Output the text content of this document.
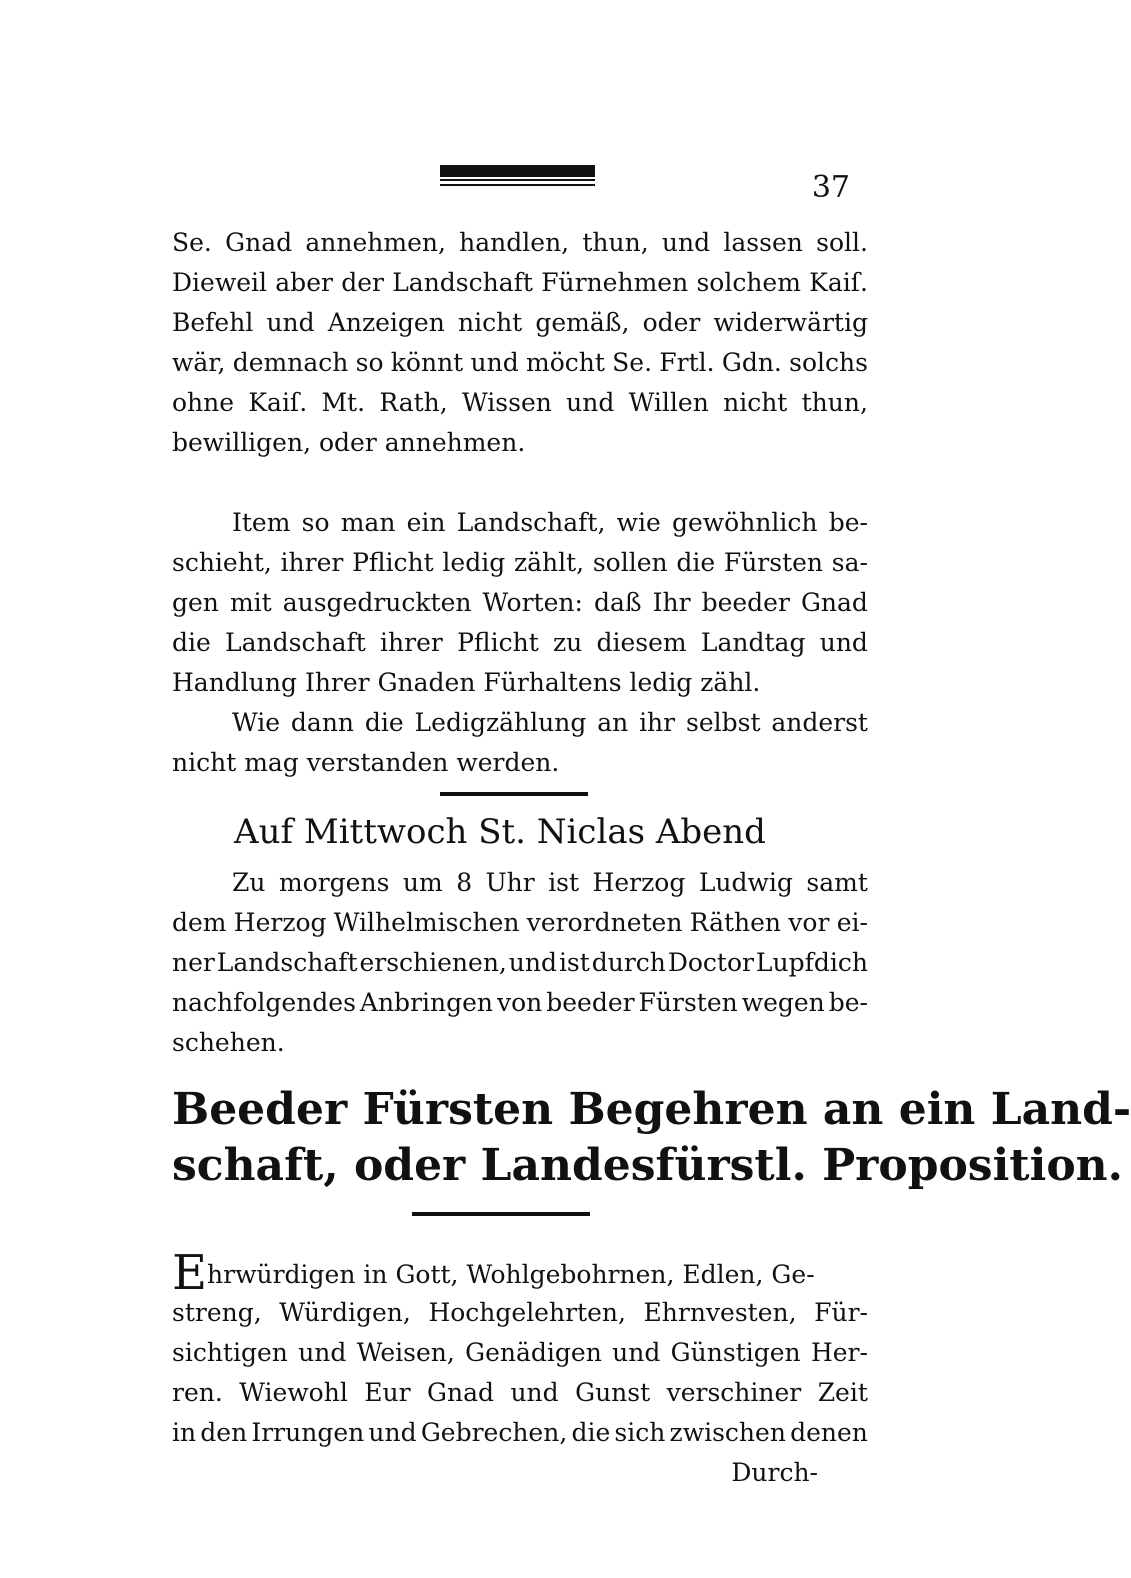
37
Se. Gnad annehmen, handlen, thun, und lassen soll.
Dieweil aber der Landschaft Fürnehmen solchem Kaiſ.
Befehl und Anzeigen nicht gemäß, oder widerwärtig
wär, demnach so könnt und möcht Se. Frtl. Gdn. solchs
ohne Kaiſ. Mt. Rath, Wissen und Willen nicht thun,
bewilligen, oder annehmen.
Item so man ein Landschaft, wie gewöhnlich be-
schieht, ihrer Pflicht ledig zählt, sollen die Fürsten sa-
gen mit ausgedruckten Worten: daß Ihr beeder Gnad
die Landschaft ihrer Pflicht zu diesem Landtag und
Handlung Ihrer Gnaden Fürhaltens ledig zähl.
Wie dann die Ledigzählung an ihr selbst anderst
nicht mag verstanden werden.
Auf Mittwoch St. Niclas Abend
Zu morgens um 8 Uhr ist Herzog Ludwig samt
dem Herzog Wilhelmischen verordneten Räthen vor ei-
ner Landschaft erschienen, und ist durch Doctor Lupfdich
nachfolgendes Anbringen von beeder Fürsten wegen be-
schehen.
Beeder Fürsten Begehren an ein Land-
schaft, oder Landesfürstl. Proposition.
Ehrwürdigen in Gott, Wohlgebohrnen, Edlen, Ge-
streng, Würdigen, Hochgelehrten, Ehrnvesten, Für-
sichtigen und Weisen, Genädigen und Günstigen Her-
ren. Wiewohl Eur Gnad und Gunst verschiner Zeit
in den Irrungen und Gebrechen, die sich zwischen denen
Durch-
